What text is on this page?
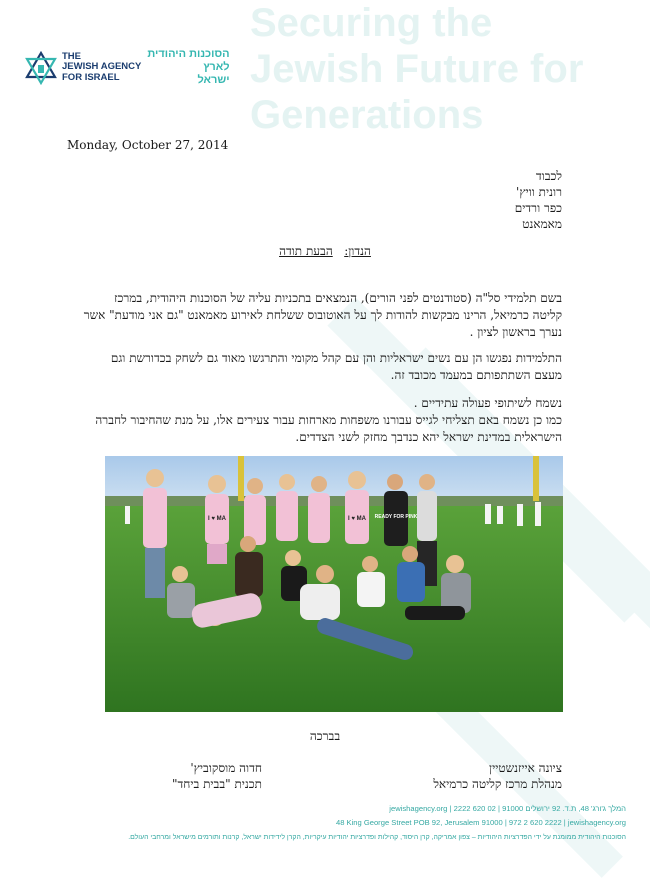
Securing the
Jewish Future for
Generations
THE
JEWISH AGENCY
FOR ISRAEL
הסוכנות היהודית
לארץ
ישראל
Monday, October 27, 2014
לכבוד
רונית וויץ'
כפר ורדים
מאמאנט
הנדון:   הבעת תודה
בשם תלמידי סל"ה (סטודנטים לפני הורים), הנמצאים בתכניות עליה של הסוכנות היהודית, במרכז קליטה כרמיאל, הרינו מבקשות להודות לך על האוטובוס ששלחת לאירוע מאמאנט "גם אני מודעת" אשר נערך בראשון לציון .
התלמידות נפגשו הן עם נשים ישראליות והן עם קהל מקומי והתרגשו מאוד גם לשחק בכדורשת וגם מעצם השתתפותם במעמד מכובד זה.
נשמח לשיתופי פעולה עתידיים .
כמו כן נשמח באם תצליחי לגייס עבורנו משפחות מארחות עבור צעירים אלו, על מנת שהחיבור לחברה הישראלית במדינת ישראל יהא כנדבך מחזק לשני הצדדים.
I ♥ MA	I ♥ MA READY FOR PINK
בברכה
ציונה אייזנשטיין
מנהלת מרכז קליטה כרמיאל
חדוה מוסקוביץ'
תכנית "בבית ביחד"
המלך ג'ורג' 48, ת.ד. 92 ירושלים 91000 | 02 620 2222 | jewishagency.org
48 King George Street POB 92, Jerusalem 91000 | 972 2 620 2222 | jewishagency.org
הסוכנות היהודית ממומנת על ידי הפדרציות היהודיות – צפון אמריקה, קרן היסוד, קהילות ופדרציות יהודיות עיקריות, הקרן לידידות ישראל, קרנות ותורמים מישראל ומרחבי העולם.
